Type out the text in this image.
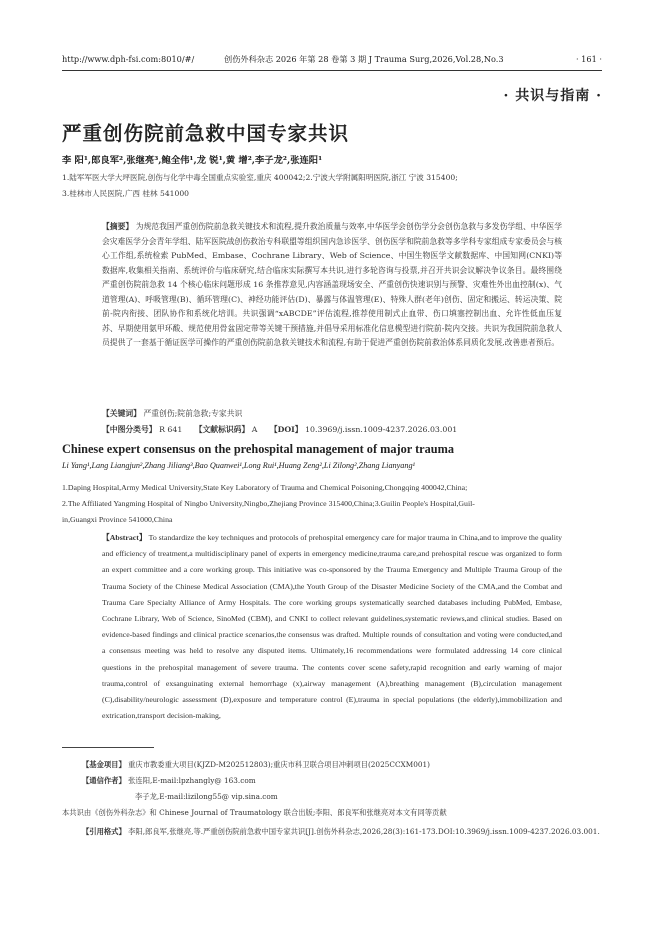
http://www.dph-fsi.com:8010/#/	创伤外科杂志 2026 年第 28 卷第 3 期 J Trauma Surg,2026,Vol.28,No.3	· 161 ·
· 共识与指南 ·
严重创伤院前急救中国专家共识
李 阳¹,郎良军²,张继亮³,鲍全伟¹,龙 锐¹,黄 增²,李子龙²,张连阳¹
1.陆军军医大学大坪医院,创伤与化学中毒全国重点实验室,重庆 400042;2.宁波大学附属阳明医院,浙江 宁波 315400;
3.桂林市人民医院,广西 桂林 541000
【摘要】 为规范我国严重创伤院前急救关键技术和流程,提升救治质量与效率,中华医学会创伤学分会创伤急救与多发伤学组、中华医学会灾难医学分会青年学组、陆军医院战创伤救治专科联盟等组织国内急诊医学、创伤医学和院前急救等多学科专家组成专家委员会与核心工作组,系统检索 PubMed、Embase、Cochrane Library、Web of Science、中国生物医学文献数据库、中国知网(CNKI)等数据库,收集相关指南、系统评价与临床研究,结合临床实际撰写本共识,进行多轮咨询与投票,并召开共识会议解决争议条目。最终围绕严重创伤院前急救 14 个核心临床问题形成 16 条推荐意见,内容涵盖现场安全、严重创伤快速识别与预警、灾难性外出血控制(x)、气道管理(A)、呼吸管理(B)、循环管理(C)、神经功能评估(D)、暴露与体温管理(E)、特殊人群(老年)创伤、固定和搬运、转运决策、院前-院内衔接、团队协作和系统化培训。共识强调“xABCDE”评估流程,推荐使用制式止血带、伤口填塞控制出血、允许性低血压复苏、早期使用氨甲环酸、规范使用骨盆固定带等关键干预措施,并倡导采用标准化信息模型进行院前-院内交接。共识为我国院前急救人员提供了一套基于循证医学可操作的严重创伤院前急救关键技术和流程,有助于促进严重创伤院前救治体系同质化发展,改善患者预后。
【关键词】 严重创伤;院前急救;专家共识
【中图分类号】 R 641 【文献标识码】 A 【DOI】 10.3969/j.issn.1009-4237.2026.03.001
Chinese expert consensus on the prehospital management of major trauma
Li Yang¹,Lang Liangjun²,Zhang Jiliang³,Bao Quanwei¹,Long Rui¹,Huang Zeng²,Li Zilong²,Zhang Lianyang¹
1.Daping Hospital,Army Medical University,State Key Laboratory of Trauma and Chemical Poisoning,Chongqing 400042,China;
2.The Affiliated Yangming Hospital of Ningbo University,Ningbo,Zhejiang Province 315400,China;3.Guilin People's Hospital,Guil-
in,Guangxi Province 541000,China
【Abstract】 To standardize the key techniques and protocols of prehospital emergency care for major trauma in China,and to improve the quality and efficiency of treatment,a multidisciplinary panel of experts in emergency medicine,trauma care,and prehospital rescue was organized to form an expert committee and a core working group. This initiative was co-sponsored by the Trauma Emergency and Multiple Trauma Group of the Trauma Society of the Chinese Medical Association (CMA),the Youth Group of the Disaster Medicine Society of the CMA,and the Combat and Trauma Care Specialty Alliance of Army Hospitals. The core working groups systematically searched databases including PubMed, Embase, Cochrane Library, Web of Science, SinoMed (CBM), and CNKI to collect relevant guidelines,systematic reviews,and clinical studies. Based on evidence-based findings and clinical practice scenarios,the consensus was drafted. Multiple rounds of consultation and voting were conducted,and a consensus meeting was held to resolve any disputed items. Ultimately,16 recommendations were formulated addressing 14 core clinical questions in the prehospital management of severe trauma. The contents cover scene safety,rapid recognition and early warning of major trauma,control of exsanguinating external hemorrhage (x),airway management (A),breathing management (B),circulation management (C),disability/neurologic assessment (D),exposure and temperature control (E),trauma in special populations (the elderly),immobilization and extrication,transport decision-making,
【基金项目】 重庆市教委重大项目(KJZD-M202512803);重庆市科卫联合项目冲刺项目(2025CCXM001)
【通信作者】 张连阳,E-mail:lpzhangly@ 163.com
李子龙,E-mail:lizilong55@ vip.sina.com
本共识由《创伤外科杂志》和 Chinese Journal of Traumatology 联合出版;李阳、郎良军和张继亮对本文有同等贡献
【引用格式】 李阳,郎良军,张继亮,等.严重创伤院前急救中国专家共识[J].创伤外科杂志,2026,28(3):161-173.DOI:10.3969/j.issn.1009-4237.2026.03.001.
